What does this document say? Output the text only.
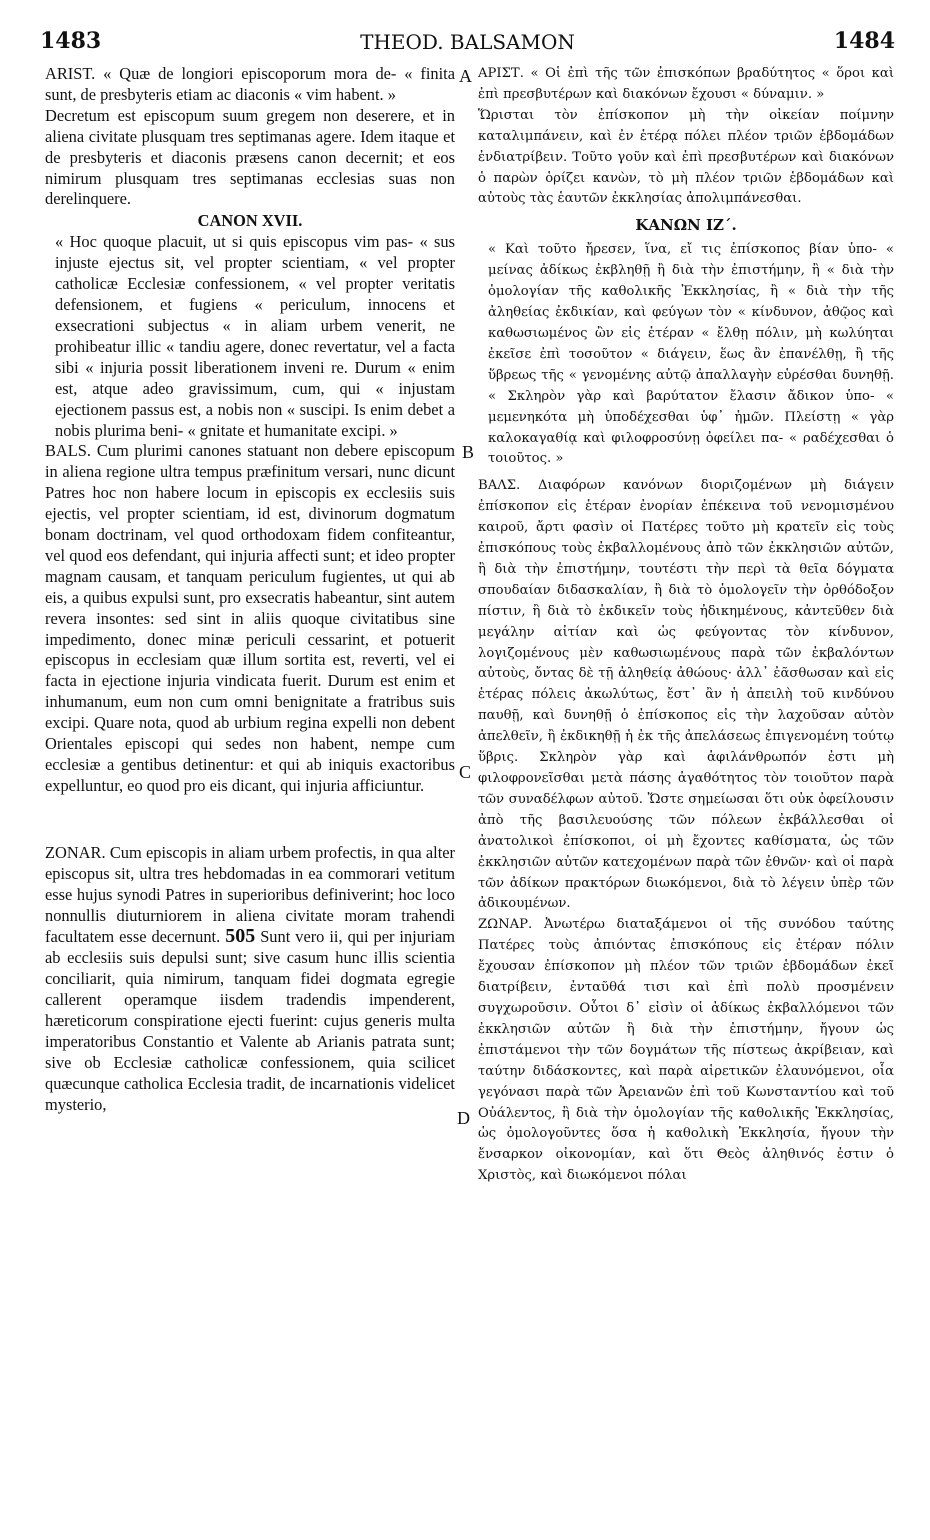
1483	THEOD. BALSAMON	1484
A
B
C
D

ARIST. « Quæ de longiori episcoporum mora de- « finita sunt, de presbyteris etiam ac diaconis « vim habent. »

Decretum est episcopum suum gregem non deserere, et in aliena civitate plusquam tres septimanas agere. Idem itaque et de presbyteris et diaconis præsens canon decernit; et eos nimirum plusquam tres septimanas ecclesias suas non derelinquere.

CANON XVII.

« Hoc quoque placuit, ut si quis episcopus vim pas- « sus injuste ejectus sit, vel propter scientiam, « vel propter catholicæ Ecclesiæ confessionem, « vel propter veritatis defensionem, et fugiens « periculum, innocens et exsecrationi subjectus « in aliam urbem venerit, ne prohibeatur illic « tandiu agere, donec revertatur, vel a facta sibi « injuria possit liberationem inveni re. Durum « enim est, atque adeo gravissimum, cum, qui « injustam ejectionem passus est, a nobis non « suscipi. Is enim debet a nobis plurima beni- « gnitate et humanitate excipi. »

BALS. Cum plurimi canones statuant non debere episcopum in aliena regione ultra tempus præfinitum versari, nunc dicunt Patres hoc non habere locum in episcopis ex ecclesiis suis ejectis, vel propter scientiam, id est, divinorum dogmatum bonam doctrinam, vel quod orthodoxam fidem confiteantur, vel quod eos defendant, qui injuria affecti sunt; et ideo propter magnam causam, et tanquam periculum fugientes, ut qui ab eis, a quibus expulsi sunt, pro exsecratis habeantur, sint autem revera insontes: sed sint in aliis quoque civitatibus sine impedimento, donec minæ periculi cessarint, et potuerit episcopus in ecclesiam quæ illum sortita est, reverti, vel ei facta in ejectione injuria vindicata fuerit. Durum est enim et inhumanum, eum non cum omni benignitate a fratribus suis excipi. Quare nota, quod ab urbium regina expelli non debent Orientales episcopi qui sedes non habent, nempe cum ecclesiæ a gentibus detinentur: et qui ab iniquis exactoribus expelluntur, eo quod pro eis dicant, qui injuria afficiuntur.

ZONAR. Cum episcopis in aliam urbem profectis, in qua alter episcopus sit, ultra tres hebdomadas in ea commorari vetitum esse hujus synodi Patres in superioribus definiverint; hoc loco nonnullis diuturniorem in aliena civitate moram trahendi facultatem esse decernunt. 505 Sunt vero ii, qui per injuriam ab ecclesiis suis depulsi sunt; sive casum hunc illis scientia conciliarit, quia nimirum, tanquam fidei dogmata egregie callerent operamque iisdem tradendis impenderent, hæreticorum conspiratione ejecti fuerint: cujus generis multa imperatoribus Constantio et Valente ab Arianis patrata sunt; sive ob Ecclesiæ catholicæ confessionem, quia scilicet quæcunque catholica Ecclesia tradit, de incarnationis videlicet mysterio,

ΑΡΙΣΤ. « Οἱ ἐπὶ τῆς τῶν ἐπισκόπων βραδύτητος « ὅροι καὶ ἐπὶ πρεσβυτέρων καὶ διακόνων ἔχουσι « δύναμιν. »

Ὥρισται τὸν ἐπίσκοπον μὴ τὴν οἰκείαν ποίμνην καταλιμπάνειν, καὶ ἐν ἑτέρᾳ πόλει πλέον τριῶν ἑβδομάδων ἐνδιατρίβειν. Τοῦτο γοῦν καὶ ἐπὶ πρεσβυτέρων καὶ διακόνων ὁ παρὼν ὁρίζει κανὼν, τὸ μὴ πλέον τριῶν ἑβδομάδων καὶ αὐτοὺς τὰς ἑαυτῶν ἐκκλησίας ἀπολιμπάνεσθαι.

ΚΑΝΩΝ ΙΖ΄.

« Καὶ τοῦτο ἤρεσεν, ἵνα, εἴ τις ἐπίσκοπος βίαν ὑπο- « μείνας ἀδίκως ἐκβληθῇ ἢ διὰ τὴν ἐπιστήμην, ἢ « διὰ τὴν ὁμολογίαν τῆς καθολικῆς Ἐκκλησίας, ἢ « διὰ τὴν τῆς ἀληθείας ἐκδικίαν, καὶ φεύγων τὸν « κίνδυνον, ἀθῷος καὶ καθωσιωμένος ὢν εἰς ἑτέραν « ἔλθῃ πόλιν, μὴ κωλύηται ἐκεῖσε ἐπὶ τοσοῦτον « διάγειν, ἕως ἂν ἐπανέλθῃ, ἢ τῆς ὕβρεως τῆς « γενομένης αὐτῷ ἀπαλλαγὴν εὑρέσθαι δυνηθῇ. « Σκληρὸν γὰρ καὶ βαρύτατον ἔλασιν ἄδικον ὑπο- « μεμενηκότα μὴ ὑποδέχεσθαι ὑφ᾿ ἡμῶν. Πλείστῃ « γὰρ καλοκαγαθίᾳ καὶ φιλοφροσύνῃ ὀφείλει πα- « ραδέχεσθαι ὁ τοιοῦτος. »

ΒΑΛΣ. Διαφόρων κανόνων διοριζομένων μὴ διάγειν ἐπίσκοπον εἰς ἑτέραν ἐνορίαν ἐπέκεινα τοῦ νενομισμένου καιροῦ, ἄρτι φασὶν οἱ Πατέρες τοῦτο μὴ κρατεῖν εἰς τοὺς ἐπισκόπους τοὺς ἐκβαλλομένους ἀπὸ τῶν ἐκκλησιῶν αὐτῶν, ἢ διὰ τὴν ἐπιστήμην, τουτέστι τὴν περὶ τὰ θεῖα δόγματα σπουδαίαν διδασκαλίαν, ἢ διὰ τὸ ὁμολογεῖν τὴν ὀρθόδοξον πίστιν, ἢ διὰ τὸ ἐκδικεῖν τοὺς ἠδικημένους, κἀντεῦθεν διὰ μεγάλην αἰτίαν καὶ ὡς φεύγοντας τὸν κίνδυνον, λογιζομένους μὲν καθωσιωμένους παρὰ τῶν ἐκβαλόντων αὐτοὺς, ὄντας δὲ τῇ ἀληθείᾳ ἀθώους· ἀλλ᾿ ἐᾶσθωσαν καὶ εἰς ἑτέρας πόλεις ἀκωλύτως, ἔστ᾿ ἂν ἡ ἀπειλὴ τοῦ κινδύνου παυθῇ, καὶ δυνηθῇ ὁ ἐπίσκοπος εἰς τὴν λαχοῦσαν αὐτὸν ἀπελθεῖν, ἢ ἐκδικηθῇ ἡ ἐκ τῆς ἀπελάσεως ἐπιγενομένη τούτῳ ὕβρις. Σκληρὸν γὰρ καὶ ἀφιλάνθρωπόν ἐστι μὴ φιλοφρονεῖσθαι μετὰ πάσης ἀγαθότητος τὸν τοιοῦτον παρὰ τῶν συναδέλφων αὐτοῦ. Ὥστε σημείωσαι ὅτι οὐκ ὀφείλουσιν ἀπὸ τῆς βασιλευούσης τῶν πόλεων ἐκβάλλεσθαι οἱ ἀνατολικοὶ ἐπίσκοποι, οἱ μὴ ἔχοντες καθίσματα, ὡς τῶν ἐκκλησιῶν αὐτῶν κατεχομένων παρὰ τῶν ἐθνῶν· καὶ οἱ παρὰ τῶν ἀδίκων πρακτόρων διωκόμενοι, διὰ τὸ λέγειν ὑπὲρ τῶν ἀδικουμένων.

ΖΩΝΑΡ. Ἀνωτέρω διαταξάμενοι οἱ τῆς συνόδου ταύτης Πατέρες τοὺς ἀπιόντας ἐπισκόπους εἰς ἑτέραν πόλιν ἔχουσαν ἐπίσκοπον μὴ πλέον τῶν τριῶν ἑβδομάδων ἐκεῖ διατρίβειν, ἐνταῦθά τισι καὶ ἐπὶ πολὺ προσμένειν συγχωροῦσιν. Οὗτοι δ᾿ εἰσὶν οἱ ἀδίκως ἐκβαλλόμενοι τῶν ἐκκλησιῶν αὐτῶν ἢ διὰ τὴν ἐπιστήμην, ἤγουν ὡς ἐπιστάμενοι τὴν τῶν δογμάτων τῆς πίστεως ἀκρίβειαν, καὶ ταύτην διδάσκοντες, καὶ παρὰ αἱρετικῶν ἐλαυνόμενοι, οἷα γεγόνασι παρὰ τῶν Ἀρειανῶν ἐπὶ τοῦ Κωνσταντίου καὶ τοῦ Οὐάλεντος, ἢ διὰ τὴν ὁμολογίαν τῆς καθολικῆς Ἐκκλησίας, ὡς ὁμολογοῦντες ὅσα ἡ καθολικὴ Ἐκκλησία, ἤγουν τὴν ἔνσαρκον οἰκονομίαν, καὶ ὅτι Θεὸς ἀληθινός ἐστιν ὁ Χριστὸς, καὶ διωκόμενοι πόλαι
